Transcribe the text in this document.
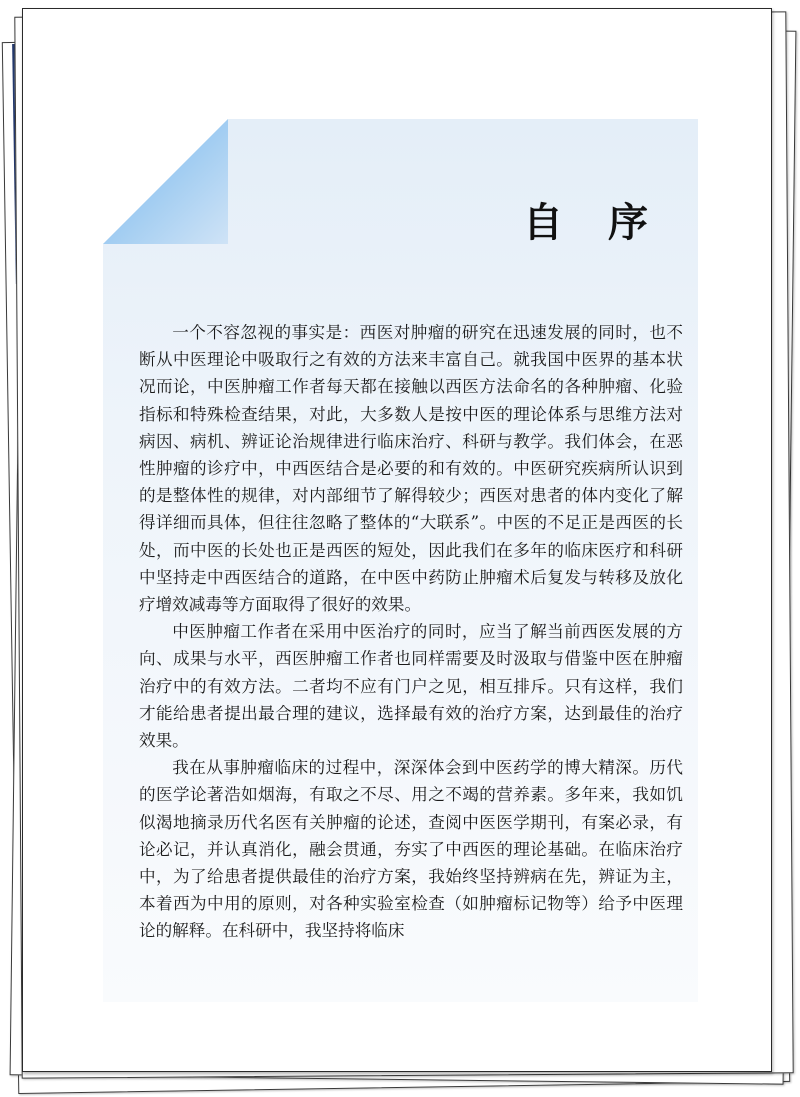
自 序

一个不容忽视的事实是：西医对肿瘤的研究在迅速发展的同时，也不断从中医理论中吸取行之有效的方法来丰富自己。就我国中医界的基本状况而论，中医肿瘤工作者每天都在接触以西医方法命名的各种肿瘤、化验指标和特殊检查结果，对此，大多数人是按中医的理论体系与思维方法对病因、病机、辨证论治规律进行临床治疗、科研与教学。我们体会，在恶性肿瘤的诊疗中，中西医结合是必要的和有效的。中医研究疾病所认识到的是整体性的规律，对内部细节了解得较少；西医对患者的体内变化了解得详细而具体，但往往忽略了整体的“大联系”。中医的不足正是西医的长处，而中医的长处也正是西医的短处，因此我们在多年的临床医疗和科研中坚持走中西医结合的道路，在中医中药防止肿瘤术后复发与转移及放化疗增效减毒等方面取得了很好的效果。

中医肿瘤工作者在采用中医治疗的同时，应当了解当前西医发展的方向、成果与水平，西医肿瘤工作者也同样需要及时汲取与借鉴中医在肿瘤治疗中的有效方法。二者均不应有门户之见，相互排斥。只有这样，我们才能给患者提出最合理的建议，选择最有效的治疗方案，达到最佳的治疗效果。

我在从事肿瘤临床的过程中，深深体会到中医药学的博大精深。历代的医学论著浩如烟海，有取之不尽、用之不竭的营养素。多年来，我如饥似渴地摘录历代名医有关肿瘤的论述，查阅中医医学期刊，有案必录，有论必记，并认真消化，融会贯通，夯实了中西医的理论基础。在临床治疗中，为了给患者提供最佳的治疗方案，我始终坚持辨病在先，辨证为主，本着西为中用的原则，对各种实验室检查（如肿瘤标记物等）给予中医理论的解释。在科研中，我坚持将临床
